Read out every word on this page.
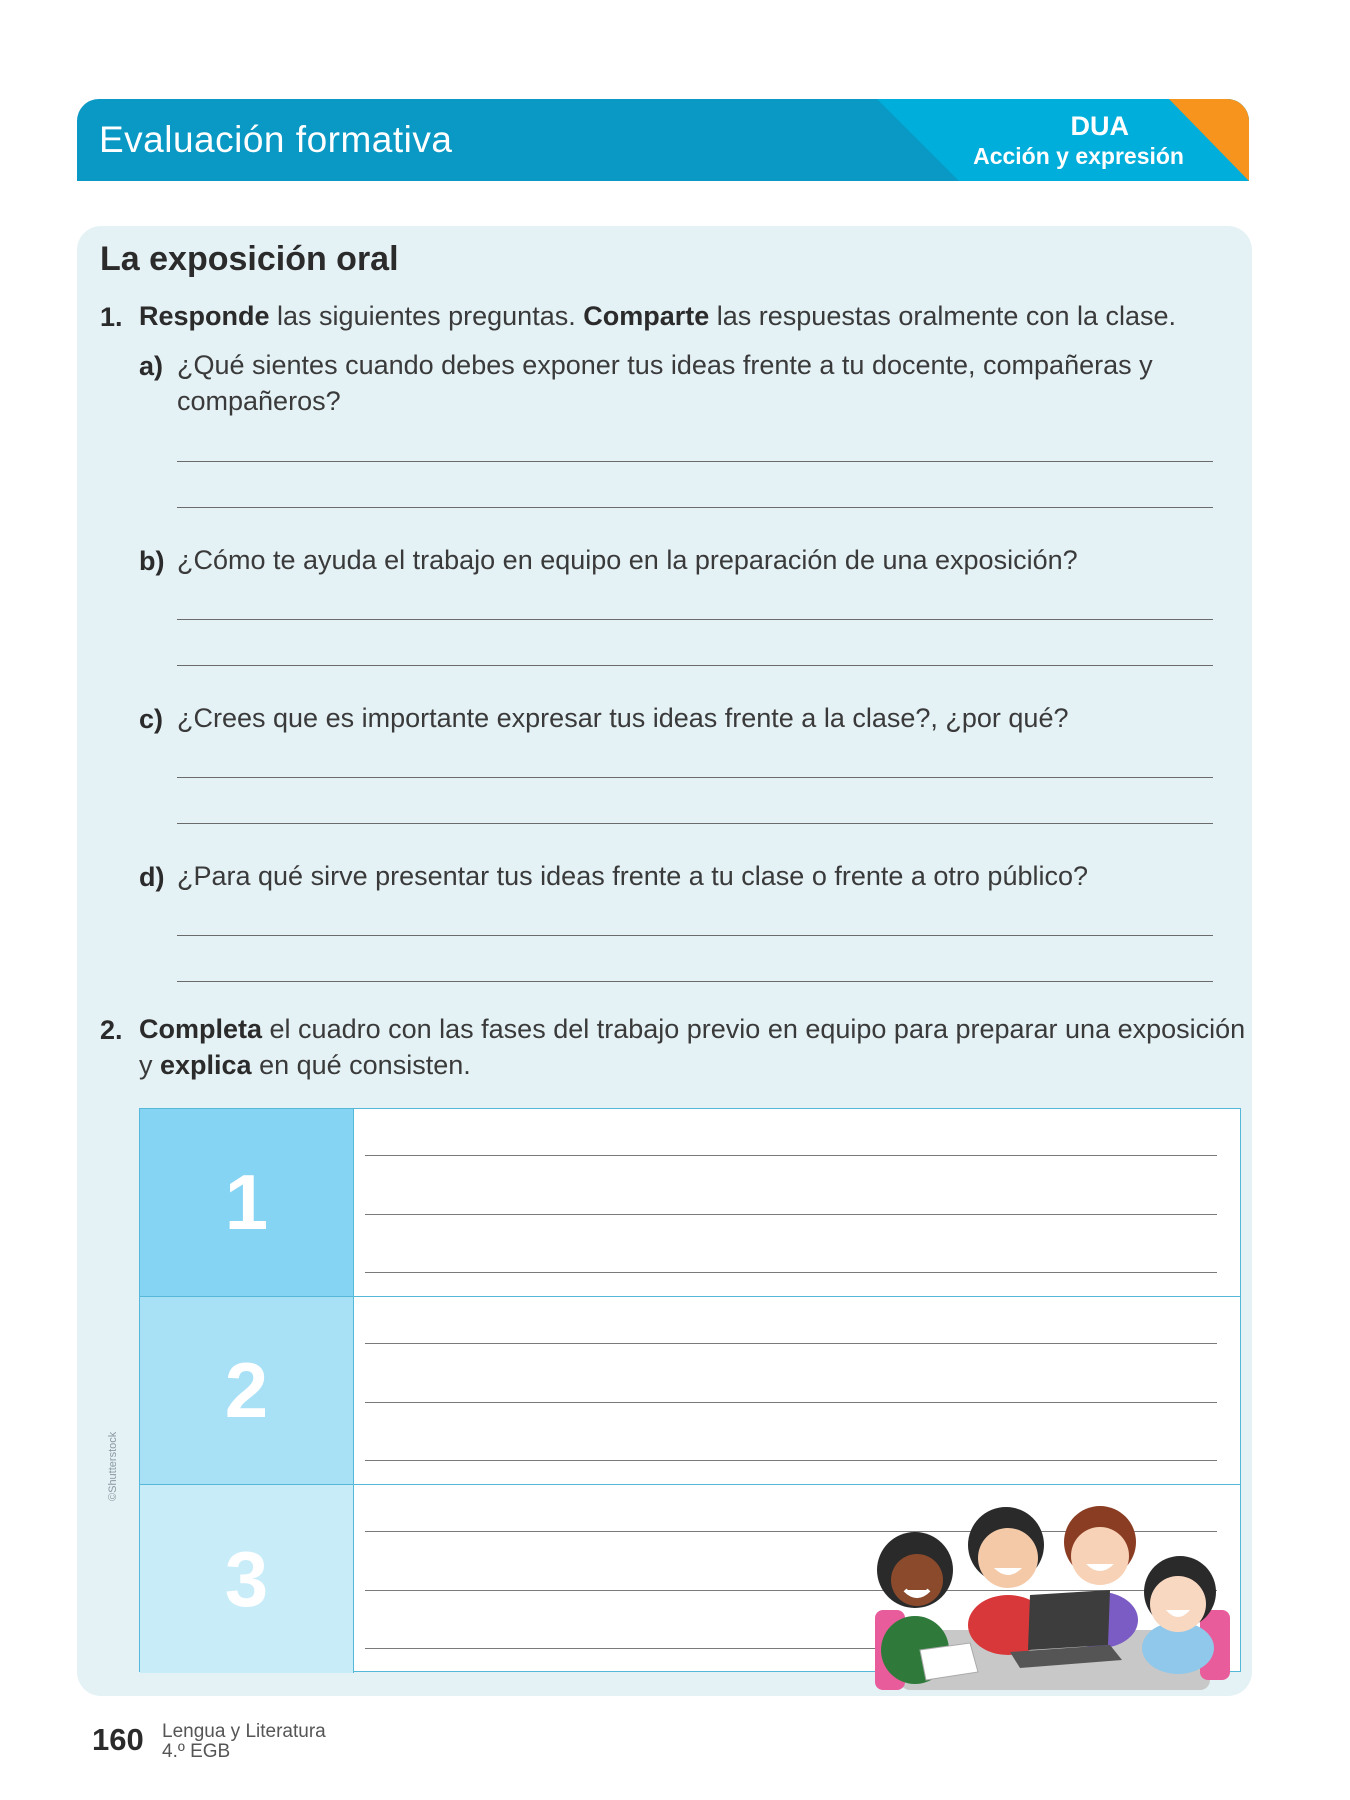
Evaluación formativa	DUA
Acción y expresión
La exposición oral
1. Responde las siguientes preguntas. Comparte las respuestas oralmente con la clase.
a) ¿Qué sientes cuando debes exponer tus ideas frente a tu docente, compañeras y
compañeros?
b) ¿Cómo te ayuda el trabajo en equipo en la preparación de una exposición?
c) ¿Crees que es importante expresar tus ideas frente a la clase?, ¿por qué?
d) ¿Para qué sirve presentar tus ideas frente a tu clase o frente a otro público?
2. Completa el cuadro con las fases del trabajo previo en equipo para preparar una exposición
y explica en qué consisten.
1
2
3
©Shutterstock
160 Lengua y Literatura
4.º EGB
